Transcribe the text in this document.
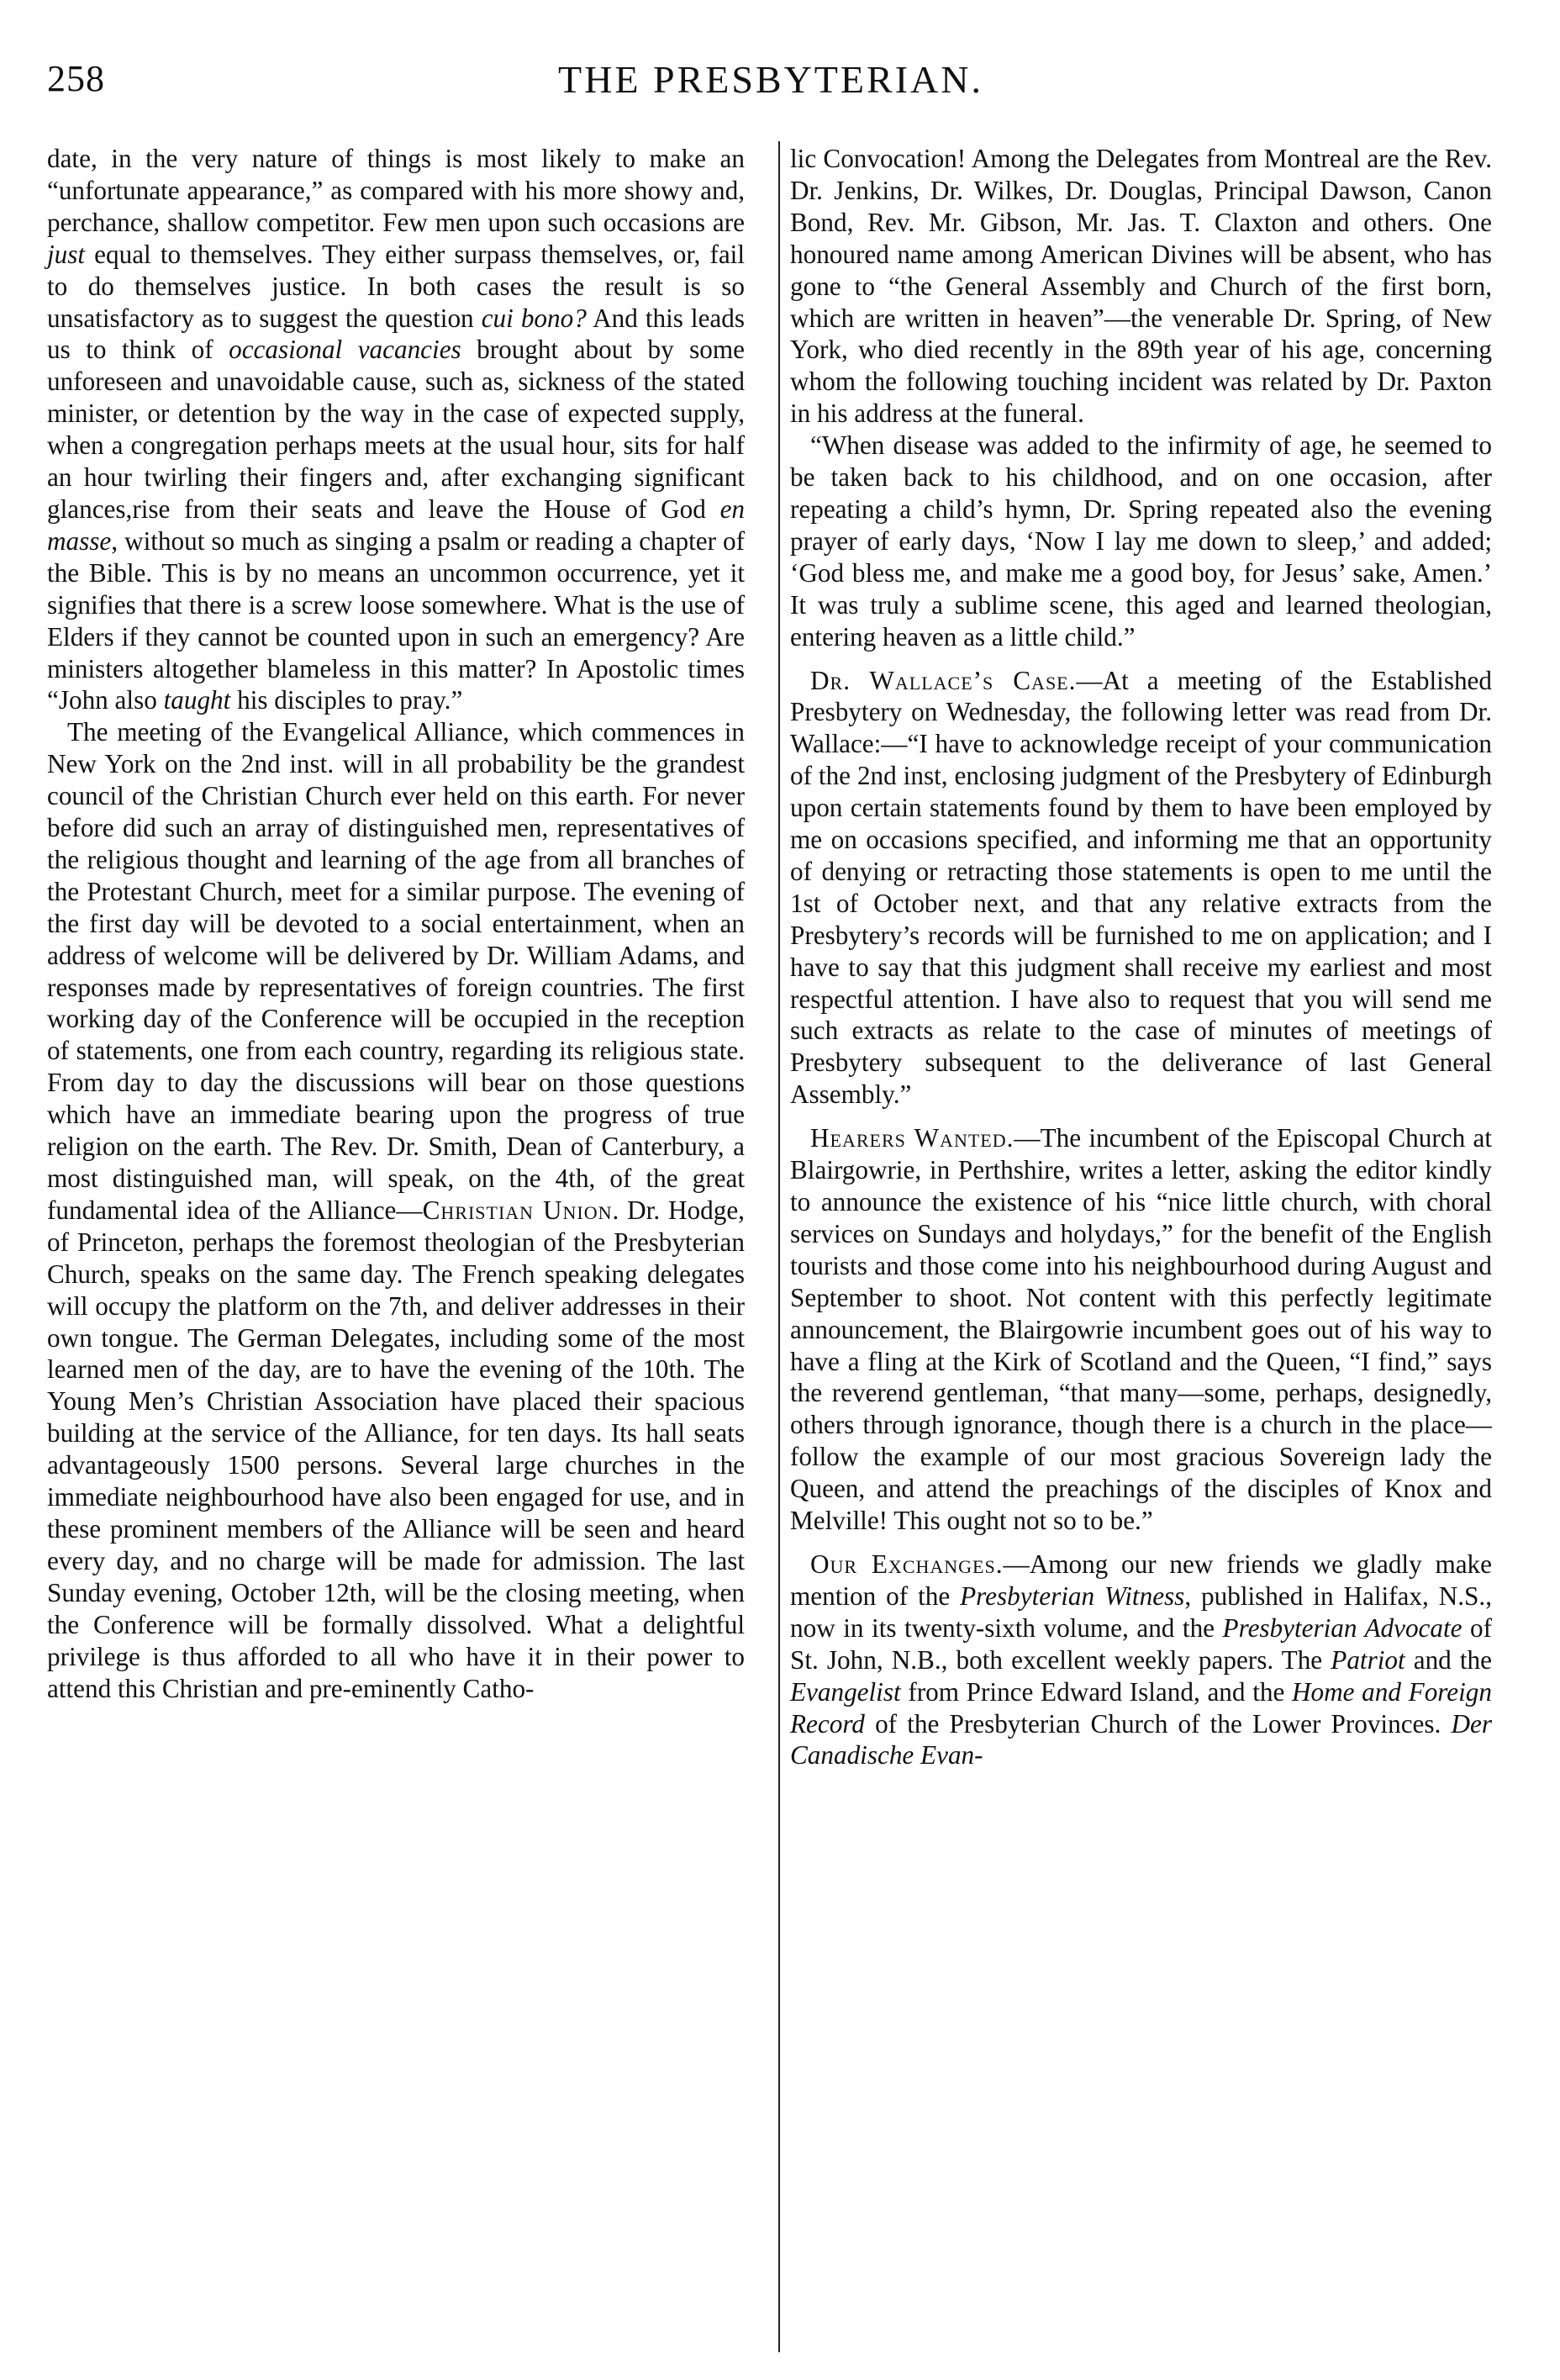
258	THE PRESBYTERIAN.

date, in the very nature of things is most likely to make an “unfortunate appearance,” as compared with his more showy and, perchance, shallow competitor. Few men upon such occasions are just equal to themselves. They either surpass themselves, or, fail to do themselves justice. In both cases the result is so unsatisfactory as to suggest the question cui bono? And this leads us to think of occasional vacancies brought about by some unforeseen and unavoidable cause, such as, sickness of the stated minister, or detention by the way in the case of expected supply, when a congregation perhaps meets at the usual hour, sits for half an hour twirling their fingers and, after exchanging significant glances,rise from their seats and leave the House of God en masse, without so much as singing a psalm or reading a chapter of the Bible. This is by no means an uncommon occurrence, yet it signifies that there is a screw loose somewhere. What is the use of Elders if they cannot be counted upon in such an emergency? Are ministers altogether blameless in this matter? In Apostolic times “John also taught his disciples to pray.”

The meeting of the Evangelical Alliance, which commences in New York on the 2nd inst. will in all probability be the grandest council of the Christian Church ever held on this earth. For never before did such an array of distinguished men, representatives of the religious thought and learning of the age from all branches of the Protestant Church, meet for a similar purpose. The evening of the first day will be devoted to a social entertainment, when an address of welcome will be delivered by Dr. William Adams, and responses made by representatives of foreign countries. The first working day of the Conference will be occupied in the reception of statements, one from each country, regarding its religious state. From day to day the discussions will bear on those questions which have an immediate bearing upon the progress of true religion on the earth. The Rev. Dr. Smith, Dean of Canterbury, a most distinguished man, will speak, on the 4th, of the great fundamental idea of the Alliance—Christian Union. Dr. Hodge, of Princeton, perhaps the foremost theologian of the Presbyterian Church, speaks on the same day. The French speaking delegates will occupy the platform on the 7th, and deliver addresses in their own tongue. The German Delegates, including some of the most learned men of the day, are to have the evening of the 10th. The Young Men’s Christian Association have placed their spacious building at the service of the Alliance, for ten days. Its hall seats advantageously 1500 persons. Several large churches in the immediate neighbourhood have also been engaged for use, and in these prominent members of the Alliance will be seen and heard every day, and no charge will be made for admission. The last Sunday evening, October 12th, will be the closing meeting, when the Conference will be formally dissolved. What a delightful privilege is thus afforded to all who have it in their power to attend this Christian and pre-eminently Catho-

lic Convocation! Among the Delegates from Montreal are the Rev. Dr. Jenkins, Dr. Wilkes, Dr. Douglas, Principal Dawson, Canon Bond, Rev. Mr. Gibson, Mr. Jas. T. Claxton and others. One honoured name among American Divines will be absent, who has gone to “the General Assembly and Church of the first born, which are written in heaven”—the venerable Dr. Spring, of New York, who died recently in the 89th year of his age, concerning whom the following touching incident was related by Dr. Paxton in his address at the funeral.

“When disease was added to the infirmity of age, he seemed to be taken back to his childhood, and on one occasion, after repeating a child’s hymn, Dr. Spring repeated also the evening prayer of early days, ‘Now I lay me down to sleep,’ and added; ‘God bless me, and make me a good boy, for Jesus’ sake, Amen.’ It was truly a sublime scene, this aged and learned theologian, entering heaven as a little child.”

Dr. Wallace’s Case.—At a meeting of the Established Presbytery on Wednesday, the following letter was read from Dr. Wallace:—“I have to acknowledge receipt of your communication of the 2nd inst, enclosing judgment of the Presbytery of Edinburgh upon certain statements found by them to have been employed by me on occasions specified, and informing me that an opportunity of denying or retracting those statements is open to me until the 1st of October next, and that any relative extracts from the Presbytery’s records will be furnished to me on application; and I have to say that this judgment shall receive my earliest and most respectful attention. I have also to request that you will send me such extracts as relate to the case of minutes of meetings of Presbytery subsequent to the deliverance of last General Assembly.”

Hearers Wanted.—The incumbent of the Episcopal Church at Blairgowrie, in Perthshire, writes a letter, asking the editor kindly to announce the existence of his “nice little church, with choral services on Sundays and holydays,” for the benefit of the English tourists and those come into his neighbourhood during August and September to shoot. Not content with this perfectly legitimate announcement, the Blairgowrie incumbent goes out of his way to have a fling at the Kirk of Scotland and the Queen, “I find,” says the reverend gentleman, “that many—some, perhaps, designedly, others through ignorance, though there is a church in the place—follow the example of our most gracious Sovereign lady the Queen, and attend the preachings of the disciples of Knox and Melville! This ought not so to be.”

Our Exchanges.—Among our new friends we gladly make mention of the Presbyterian Witness, published in Halifax, N.S., now in its twenty-sixth volume, and the Presbyterian Advocate of St. John, N.B., both excellent weekly papers. The Patriot and the Evangelist from Prince Edward Island, and the Home and Foreign Record of the Presbyterian Church of the Lower Provinces. Der Canadische Evan-
